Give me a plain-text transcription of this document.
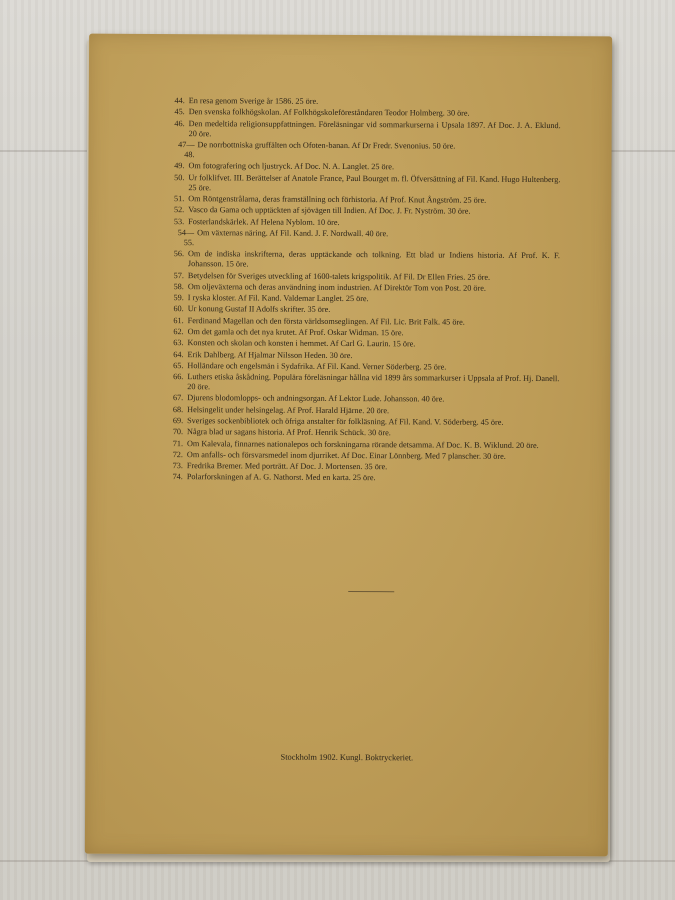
44. En resa genom Sverige år 1586. 25 öre.
45. Den svenska folkhögskolan. Af Folkhögskoleföreståndaren Teodor Holmberg. 30 öre.
46. Den medeltida religionsuppfattningen. Föreläsningar vid sommarkurserna i Upsala 1897. Af Doc. J. A. Eklund. 20 öre.
47—48.
De norrbottniska gruffälten och Ofoten-banan. Af Dr Fredr. Svenonius. 50 öre.
49. Om fotografering och ljustryck. Af Doc. N. A. Langlet. 25 öre.
50. Ur folklifvet. III. Berättelser af Anatole France, Paul Bourget m. fl. Öfversättning af Fil. Kand. Hugo Hultenberg. 25 öre.
51. Om Röntgenstrålarna, deras framställning och förhistoria. Af Prof. Knut Ångström. 25 öre.
52. Vasco da Gama och upptäckten af sjövägen till Indien. Af Doc. J. Fr. Nyström. 30 öre.
53. Fosterlandskärlek. Af Helena Nyblom. 10 öre.
54—55.
Om växternas näring. Af Fil. Kand. J. F. Nordwall. 40 öre.
56. Om de indiska inskrifterna, deras upptäckande och tolkning. Ett blad ur Indiens historia. Af Prof. K. F. Johansson. 15 öre.
57. Betydelsen för Sveriges utveckling af 1600-talets krigspolitik. Af Fil. Dr Ellen Fries. 25 öre.
58. Om oljeväxterna och deras användning inom industrien. Af Direktör Tom von Post. 20 öre.
59. I ryska kloster. Af Fil. Kand. Valdemar Langlet. 25 öre.
60. Ur konung Gustaf II Adolfs skrifter. 35 öre.
61. Ferdinand Magellan och den första världsomseglingen. Af Fil. Lic. Brit Falk. 45 öre.
62. Om det gamla och det nya krutet. Af Prof. Oskar Widman. 15 öre.
63. Konsten och skolan och konsten i hemmet. Af Carl G. Laurin. 15 öre.
64. Erik Dahlberg. Af Hjalmar Nilsson Heden. 30 öre.
65. Holländare och engelsmän i Sydafrika. Af Fil. Kand. Verner Söderberg. 25 öre.
66. Luthers etiska åskådning. Populära föreläsningar hållna vid 1899 års sommarkurser i Uppsala af Prof. Hj. Danell. 20 öre.
67. Djurens blodomlopps- och andningsorgan. Af Lektor Lude. Johansson. 40 öre.
68. Helsingelit under helsingelag. Af Prof. Harald Hjärne. 20 öre.
69. Sveriges sockenbibliotek och öfriga anstalter för folkläsning. Af Fil. Kand. V. Söderberg. 45 öre.
70. Några blad ur sagans historia. Af Prof. Henrik Schück. 30 öre.
71. Om Kalevala, finnarnes nationalepos och forskningarna rörande detsamma. Af Doc. K. B. Wiklund. 20 öre.
72. Om anfalls- och försvarsmedel inom djurriket. Af Doc. Einar Lönnberg. Med 7 planscher. 30 öre.
73. Fredrika Bremer. Med porträtt. Af Doc. J. Mortensen. 35 öre.
74. Polarforskningen af A. G. Nathorst. Med en karta. 25 öre.
Stockholm 1902. Kungl. Boktryckeriet.
